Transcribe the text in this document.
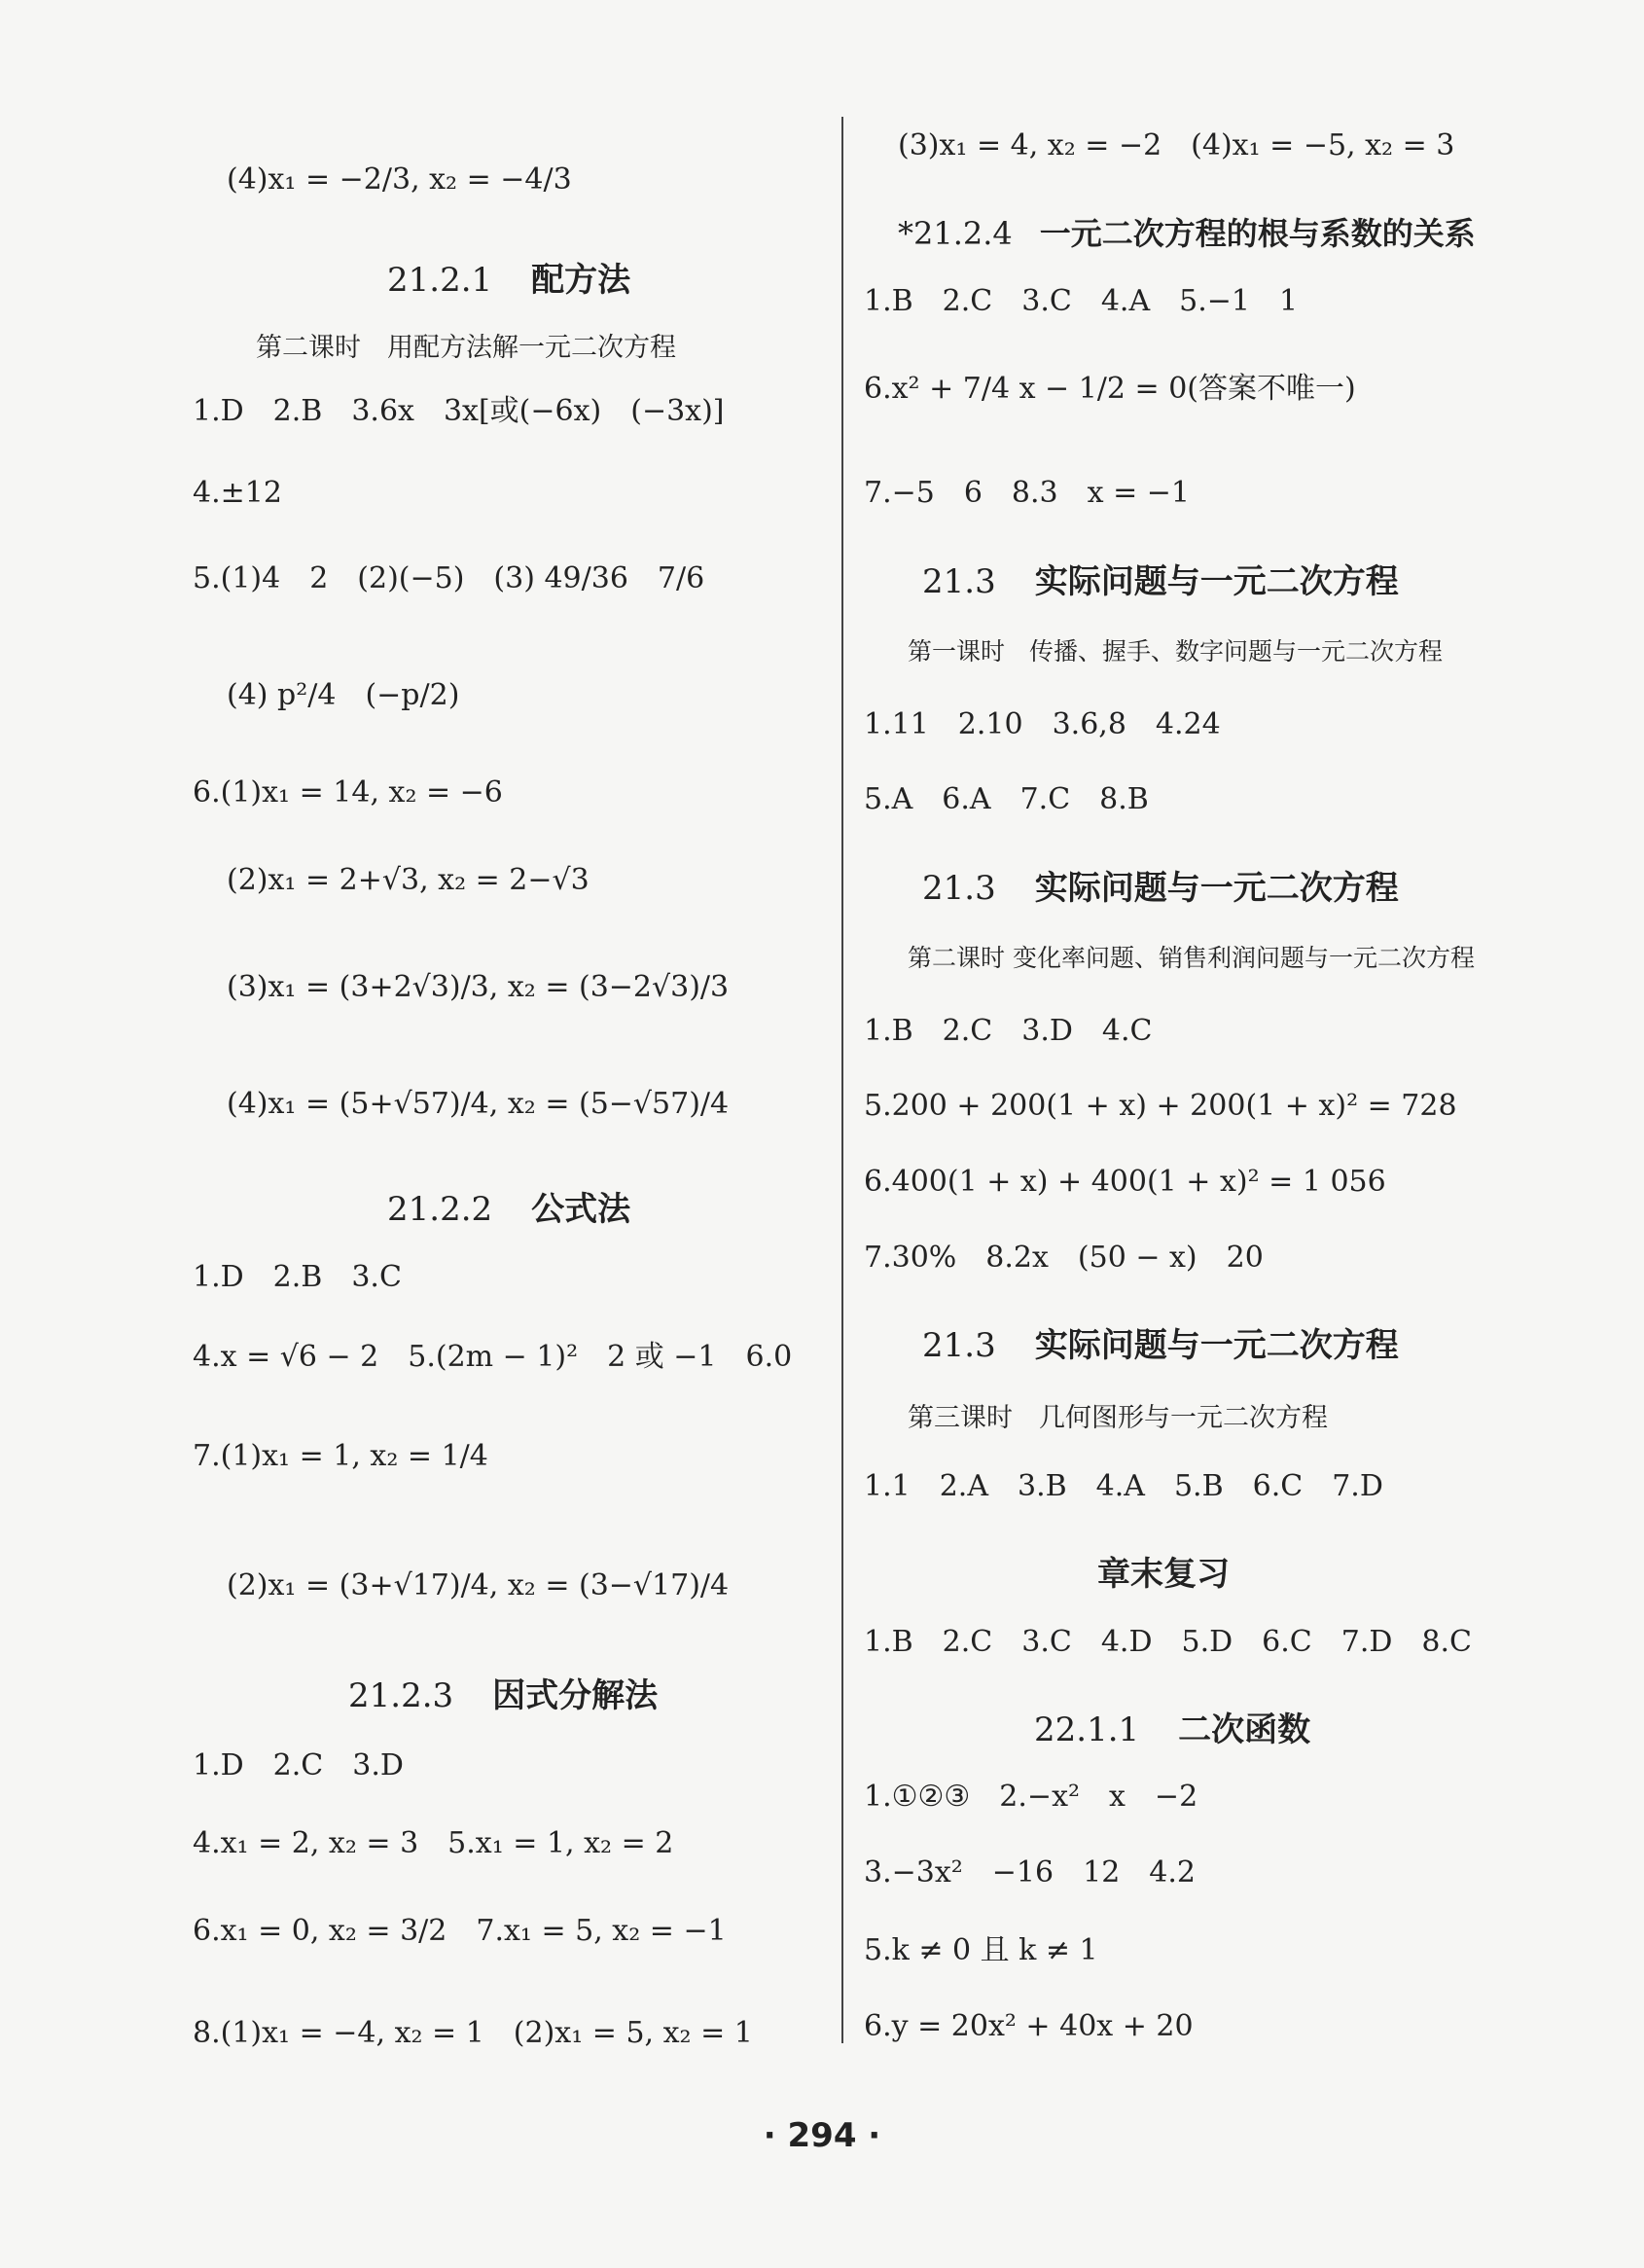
(4)x₁ = −2/3, x₂ = −4/3
21.2.1 配方法
第二课时　用配方法解一元二次方程
1.D　2.B　3.6x　3x[或(−6x)　(−3x)]
4.±12
5.(1)4　2　(2)(−5)　(3) 49/36　7/6
(4) p²/4　(−p/2)
6.(1)x₁ = 14, x₂ = −6
(2)x₁ = 2+√3, x₂ = 2−√3
(3)x₁ = (3+2√3)/3, x₂ = (3−2√3)/3
(4)x₁ = (5+√57)/4, x₂ = (5−√57)/4
21.2.2 公式法
1.D　2.B　3.C
4.x = √6 − 2　5.(2m − 1)²　2 或 −1　6.0
7.(1)x₁ = 1, x₂ = 1/4
(2)x₁ = (3+√17)/4, x₂ = (3−√17)/4
21.2.3 因式分解法
1.D　2.C　3.D
4.x₁ = 2, x₂ = 3　5.x₁ = 1, x₂ = 2
6.x₁ = 0, x₂ = 3/2　7.x₁ = 5, x₂ = −1
8.(1)x₁ = −4, x₂ = 1　(2)x₁ = 5, x₂ = 1
(3)x₁ = 4, x₂ = −2　(4)x₁ = −5, x₂ = 3
*21.2.4 一元二次方程的根与系数的关系
1.B　2.C　3.C　4.A　5.−1　1
6.x² + 7/4 x − 1/2 = 0(答案不唯一)
7.−5　6　8.3　x = −1
21.3 实际问题与一元二次方程
第一课时　传播、握手、数字问题与一元二次方程
1.11　2.10　3.6,8　4.24
5.A　6.A　7.C　8.B
21.3 实际问题与一元二次方程
第二课时 变化率问题、销售利润问题与一元二次方程
1.B　2.C　3.D　4.C
5.200 + 200(1 + x) + 200(1 + x)² = 728
6.400(1 + x) + 400(1 + x)² = 1 056
7.30%　8.2x　(50 − x)　20
21.3 实际问题与一元二次方程
第三课时　几何图形与一元二次方程
1.1　2.A　3.B　4.A　5.B　6.C　7.D
章末复习
1.B　2.C　3.C　4.D　5.D　6.C　7.D　8.C
22.1.1 二次函数
1.①②③　2.−x²　x　−2
3.−3x²　−16　12　4.2
5.k ≠ 0 且 k ≠ 1
6.y = 20x² + 40x + 20
· 294 ·
